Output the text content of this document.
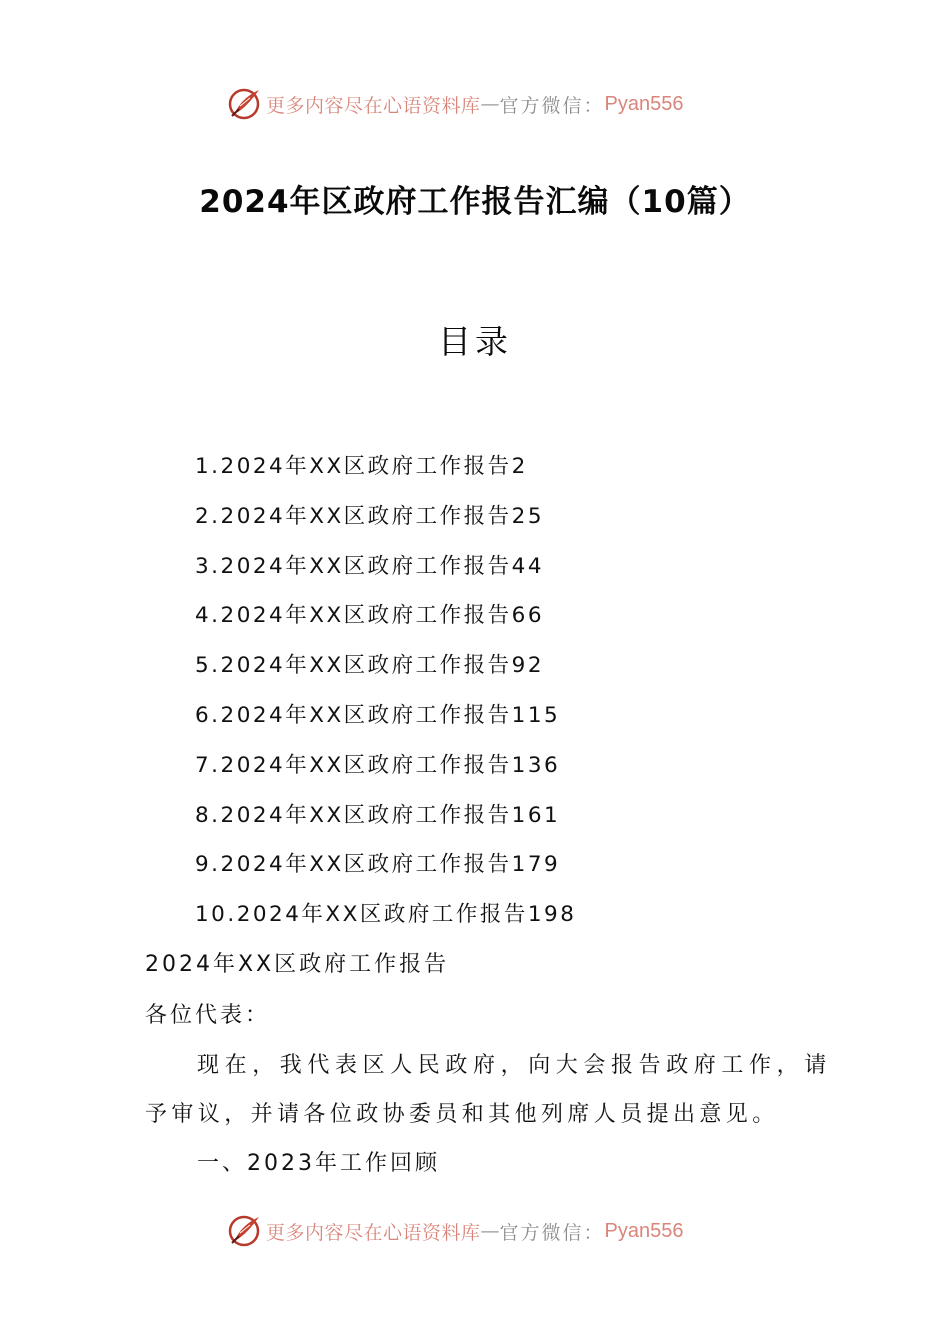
更多内容尽在心语资料库 — 官方微信： Pyan556
2024年区政府工作报告汇编（10篇）
目录
1.2024年XX区政府工作报告2
2.2024年XX区政府工作报告25
3.2024年XX区政府工作报告44
4.2024年XX区政府工作报告66
5.2024年XX区政府工作报告92
6.2024年XX区政府工作报告115
7.2024年XX区政府工作报告136
8.2024年XX区政府工作报告161
9.2024年XX区政府工作报告179
10.2024年XX区政府工作报告198
2024年XX区政府工作报告
各位代表：
现在，我代表区人民政府，向大会报告政府工作，请
予审议，并请各位政协委员和其他列席人员提出意见。
一、2023年工作回顾
更多内容尽在心语资料库 — 官方微信： Pyan556
